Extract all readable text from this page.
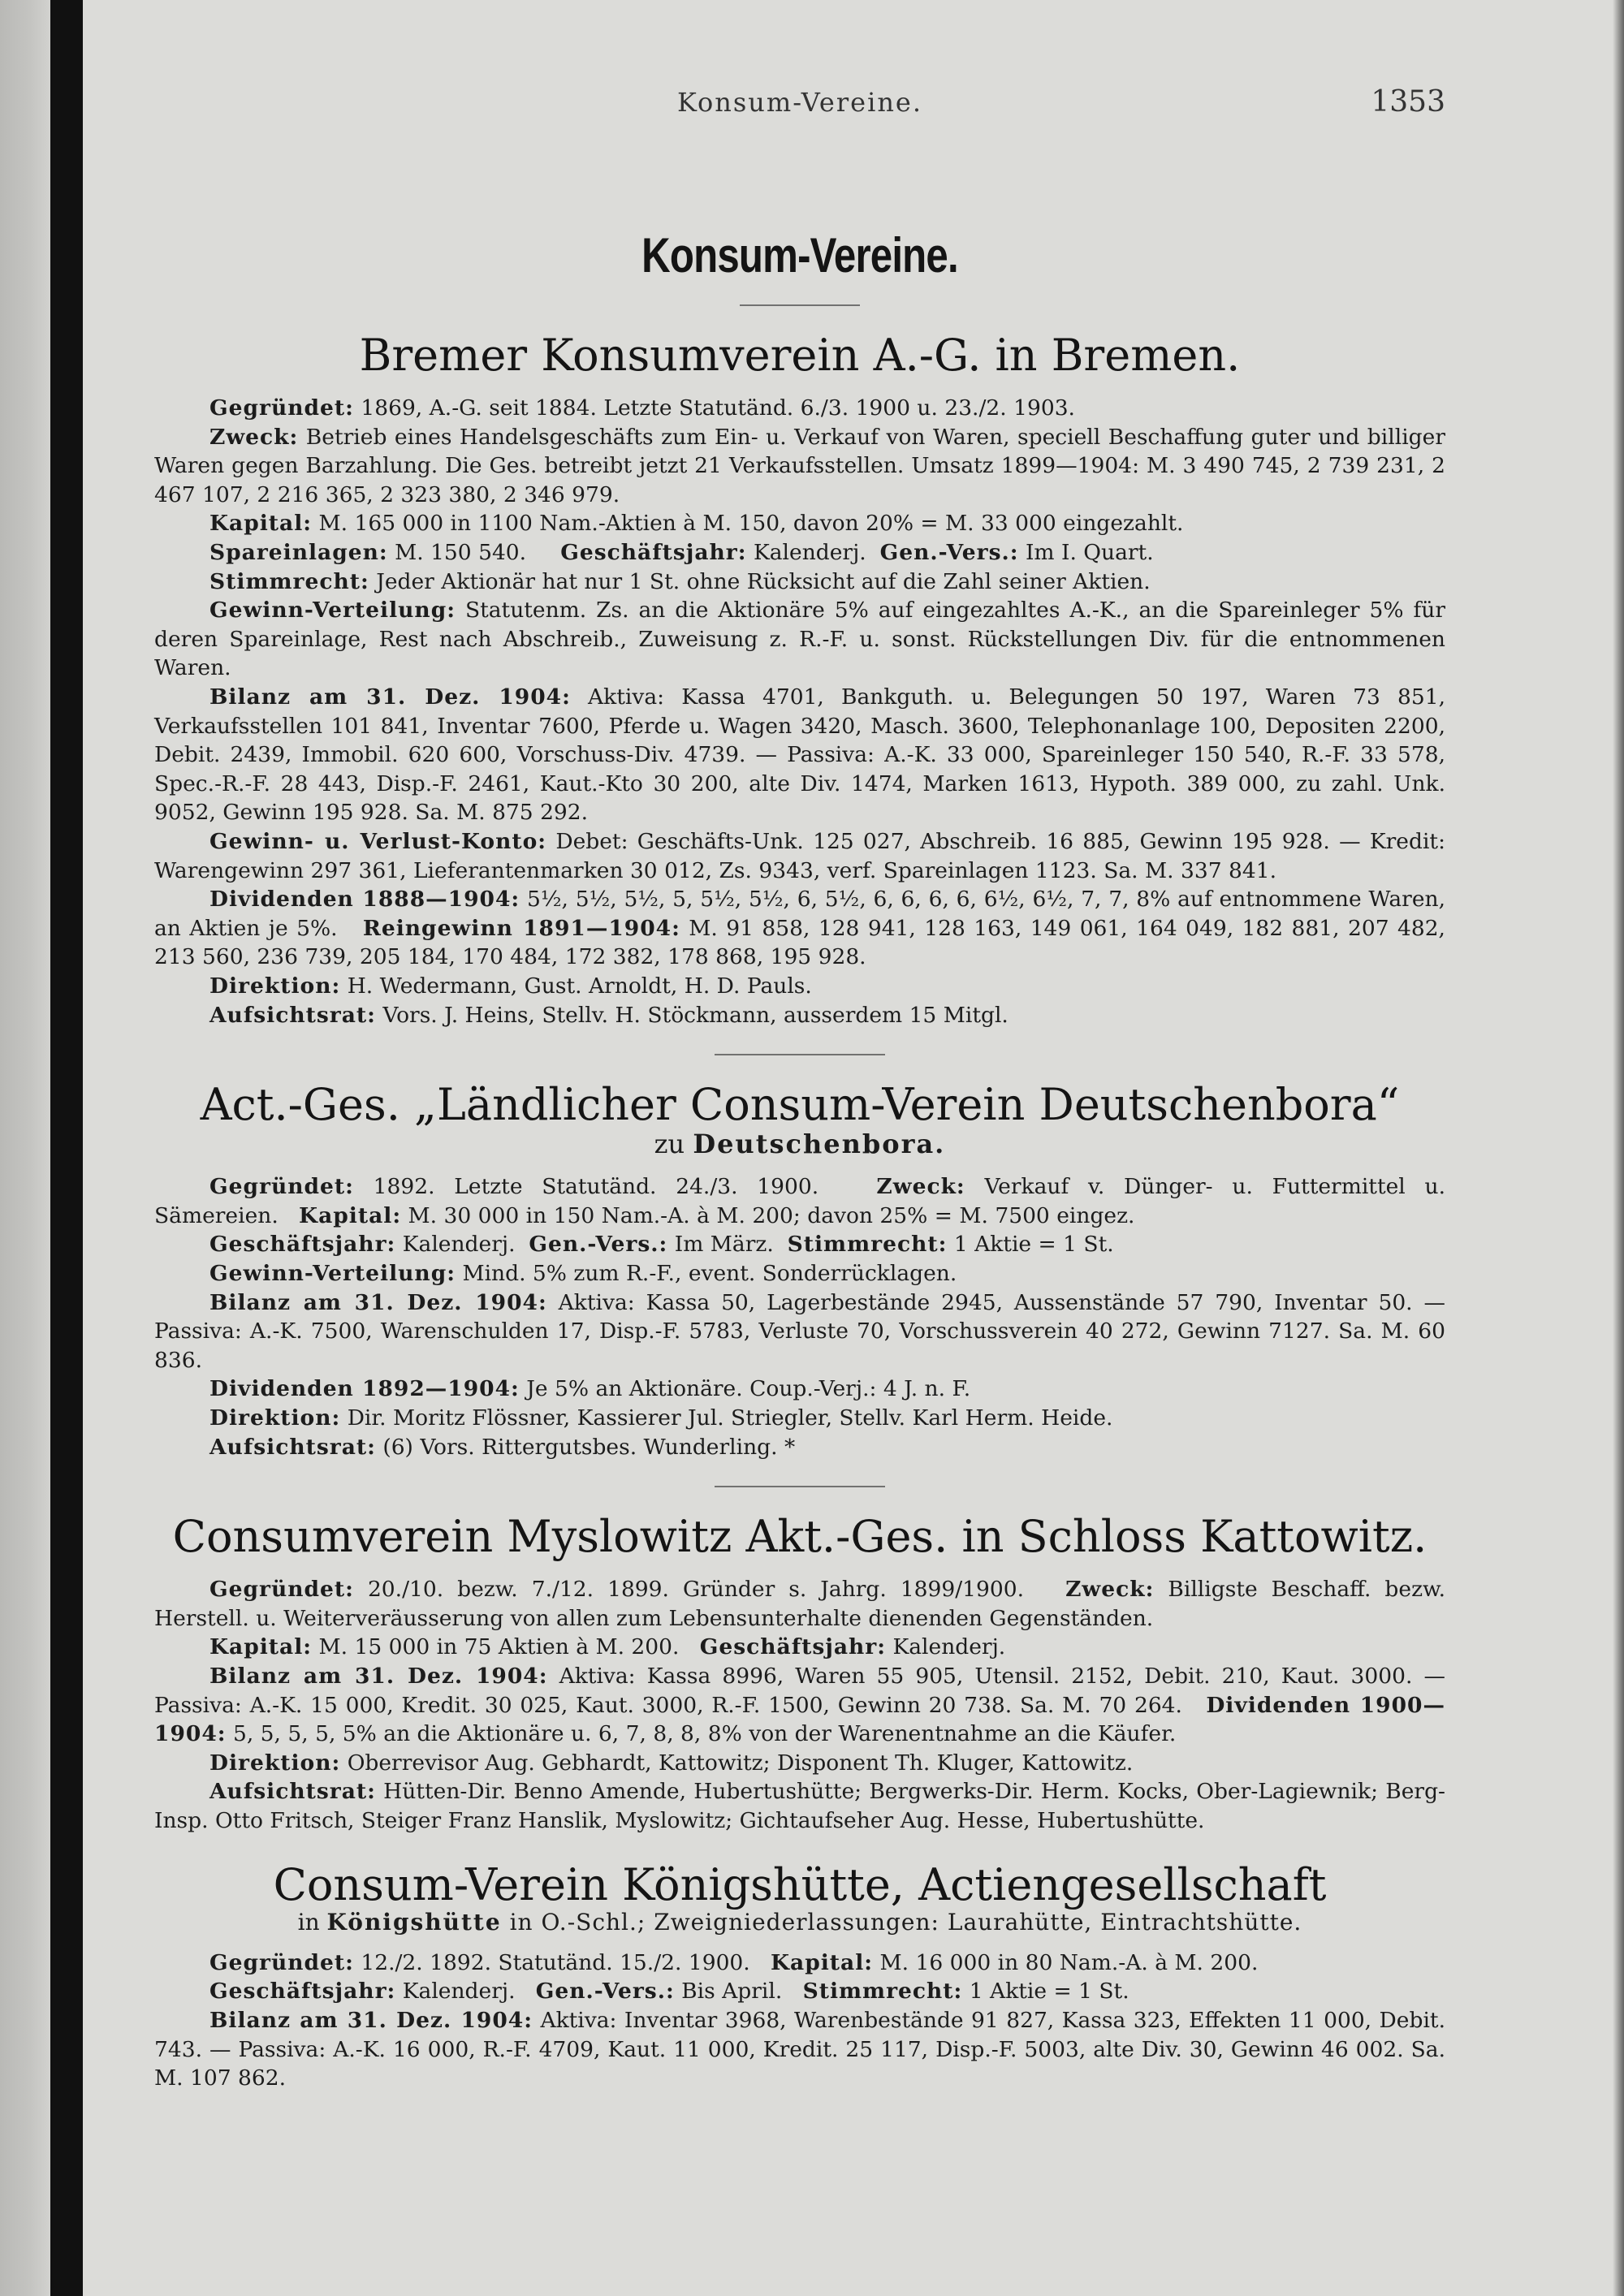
Konsum-Vereine.	1353
Konsum-Vereine.
Bremer Konsumverein A.-G. in Bremen.

Gegründet: 1869, A.-G. seit 1884. Letzte Statutänd. 6./3. 1900 u. 23./2. 1903.

Zweck: Betrieb eines Handelsgeschäfts zum Ein- u. Verkauf von Waren, speciell Beschaffung guter und billiger Waren gegen Barzahlung. Die Ges. betreibt jetzt 21 Verkaufsstellen. Umsatz 1899—1904: M. 3 490 745, 2 739 231, 2 467 107, 2 216 365, 2 323 380, 2 346 979.

Kapital: M. 165 000 in 1100 Nam.-Aktien à M. 150, davon 20% = M. 33 000 eingezahlt.

Spareinlagen: M. 150 540. Geschäftsjahr: Kalenderj. Gen.-Vers.: Im I. Quart.

Stimmrecht: Jeder Aktionär hat nur 1 St. ohne Rücksicht auf die Zahl seiner Aktien.

Gewinn-Verteilung: Statutenm. Zs. an die Aktionäre 5% auf eingezahltes A.-K., an die Spareinleger 5% für deren Spareinlage, Rest nach Abschreib., Zuweisung z. R.-F. u. sonst. Rückstellungen Div. für die entnommenen Waren.

Bilanz am 31. Dez. 1904: Aktiva: Kassa 4701, Bankguth. u. Belegungen 50 197, Waren 73 851, Verkaufsstellen 101 841, Inventar 7600, Pferde u. Wagen 3420, Masch. 3600, Telephonanlage 100, Depositen 2200, Debit. 2439, Immobil. 620 600, Vorschuss-Div. 4739. — Passiva: A.-K. 33 000, Spareinleger 150 540, R.-F. 33 578, Spec.-R.-F. 28 443, Disp.-F. 2461, Kaut.-Kto 30 200, alte Div. 1474, Marken 1613, Hypoth. 389 000, zu zahl. Unk. 9052, Gewinn 195 928. Sa. M. 875 292.

Gewinn- u. Verlust-Konto: Debet: Geschäfts-Unk. 125 027, Abschreib. 16 885, Gewinn 195 928. — Kredit: Warengewinn 297 361, Lieferantenmarken 30 012, Zs. 9343, verf. Spareinlagen 1123. Sa. M. 337 841.

Dividenden 1888—1904: 5½, 5½, 5½, 5, 5½, 5½, 6, 5½, 6, 6, 6, 6, 6½, 6½, 7, 7, 8% auf entnommene Waren, an Aktien je 5%. Reingewinn 1891—1904: M. 91 858, 128 941, 128 163, 149 061, 164 049, 182 881, 207 482, 213 560, 236 739, 205 184, 170 484, 172 382, 178 868, 195 928.

Direktion: H. Wedermann, Gust. Arnoldt, H. D. Pauls.

Aufsichtsrat: Vors. J. Heins, Stellv. H. Stöckmann, ausserdem 15 Mitgl.

Act.-Ges. „Ländlicher Consum-Verein Deutschenbora“
zu Deutschenbora.

Gegründet: 1892. Letzte Statutänd. 24./3. 1900.	Zweck: Verkauf v. Dünger- u. Futtermittel u. Sämereien. Kapital: M. 30 000 in 150 Nam.-A. à M. 200; davon 25% = M. 7500 eingez.

Geschäftsjahr: Kalenderj. Gen.-Vers.: Im März. Stimmrecht: 1 Aktie = 1 St.

Gewinn-Verteilung: Mind. 5% zum R.-F., event. Sonderrücklagen.

Bilanz am 31. Dez. 1904: Aktiva: Kassa 50, Lagerbestände 2945, Aussenstände 57 790, Inventar 50. — Passiva: A.-K. 7500, Warenschulden 17, Disp.-F. 5783, Verluste 70, Vorschussverein 40 272, Gewinn 7127. Sa. M. 60 836.

Dividenden 1892—1904: Je 5% an Aktionäre. Coup.-Verj.: 4 J. n. F.

Direktion: Dir. Moritz Flössner, Kassierer Jul. Striegler, Stellv. Karl Herm. Heide.

Aufsichtsrat: (6) Vors. Rittergutsbes. Wunderling. *

Consumverein Myslowitz Akt.-Ges. in Schloss Kattowitz.

Gegründet: 20./10. bezw. 7./12. 1899. Gründer s. Jahrg. 1899/1900. Zweck: Billigste Beschaff. bezw. Herstell. u. Weiterveräusserung von allen zum Lebensunterhalte dienenden Gegenständen.

Kapital: M. 15 000 in 75 Aktien à M. 200. Geschäftsjahr: Kalenderj.

Bilanz am 31. Dez. 1904: Aktiva: Kassa 8996, Waren 55 905, Utensil. 2152, Debit. 210, Kaut. 3000. — Passiva: A.-K. 15 000, Kredit. 30 025, Kaut. 3000, R.-F. 1500, Gewinn 20 738. Sa. M. 70 264. Dividenden 1900—1904: 5, 5, 5, 5, 5% an die Aktionäre u. 6, 7, 8, 8, 8% von der Warenentnahme an die Käufer.

Direktion: Oberrevisor Aug. Gebhardt, Kattowitz; Disponent Th. Kluger, Kattowitz.

Aufsichtsrat: Hütten-Dir. Benno Amende, Hubertushütte; Bergwerks-Dir. Herm. Kocks, Ober-Lagiewnik; Berg-Insp. Otto Fritsch, Steiger Franz Hanslik, Myslowitz; Gichtaufseher Aug. Hesse, Hubertushütte.

Consum-Verein Königshütte, Actiengesellschaft
in Königshütte in O.-Schl.; Zweigniederlassungen: Laurahütte, Eintrachtshütte.

Gegründet: 12./2. 1892. Statutänd. 15./2. 1900. Kapital: M. 16 000 in 80 Nam.-A. à M. 200.

Geschäftsjahr: Kalenderj. Gen.-Vers.: Bis April. Stimmrecht: 1 Aktie = 1 St.

Bilanz am 31. Dez. 1904: Aktiva: Inventar 3968, Warenbestände 91 827, Kassa 323, Effekten 11 000, Debit. 743. — Passiva: A.-K. 16 000, R.-F. 4709, Kaut. 11 000, Kredit. 25 117, Disp.-F. 5003, alte Div. 30, Gewinn 46 002. Sa. M. 107 862.
